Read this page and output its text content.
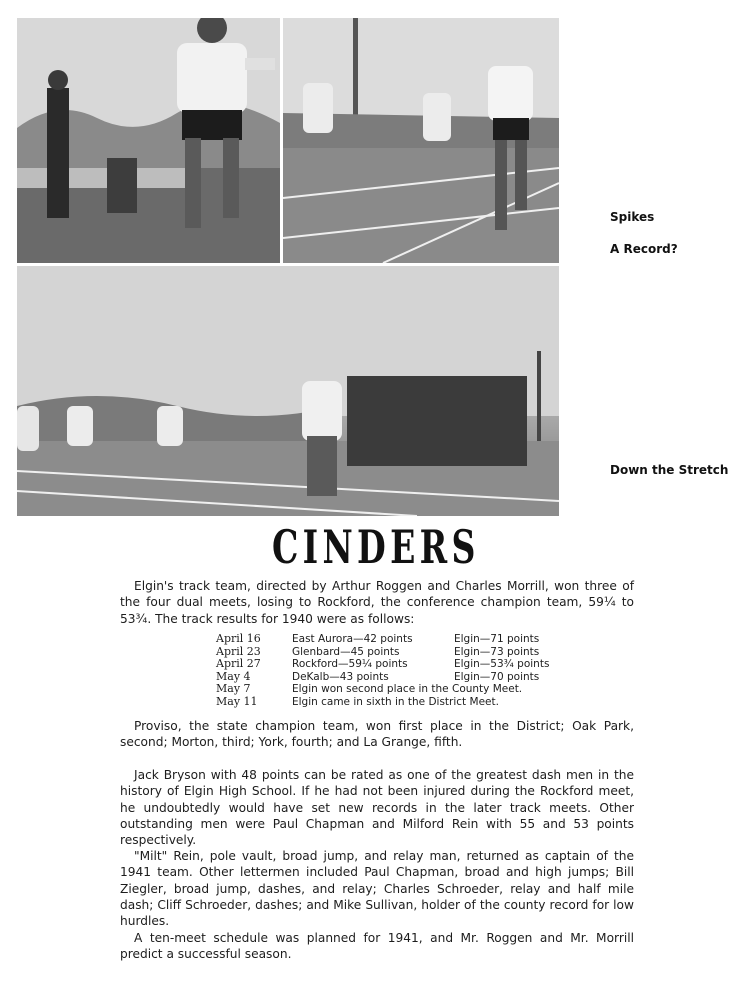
Spikes
A Record?
Down the Stretch
CINDERS

Elgin's track team, directed by Arthur Roggen and Charles Morrill, won three of the four dual meets, losing to Rockford, the conference champion team, 59¼ to 53¾. The track results for 1940 were as follows:

April 16	East Aurora—42 points	Elgin—71 points
April 23	Glenbard—45 points	Elgin—73 points
April 27	Rockford—59¼ points	Elgin—53¾ points
May 4	DeKalb—43 points	Elgin—70 points
May 7	Elgin won second place in the County Meet.
May 11	Elgin came in sixth in the District Meet.

Proviso, the state champion team, won first place in the District; Oak Park, second; Morton, third; York, fourth; and La Grange, fifth.

Jack Bryson with 48 points can be rated as one of the greatest dash men in the history of Elgin High School. If he had not been injured during the Rockford meet, he undoubtedly would have set new records in the later track meets. Other outstanding men were Paul Chapman and Milford Rein with 55 and 53 points respectively.

"Milt" Rein, pole vault, broad jump, and relay man, returned as captain of the 1941 team. Other lettermen included Paul Chapman, broad and high jumps; Bill Ziegler, broad jump, dashes, and relay; Charles Schroeder, relay and half mile dash; Cliff Schroeder, dashes; and Mike Sullivan, holder of the county record for low hurdles.

A ten-meet schedule was planned for 1941, and Mr. Roggen and Mr. Morrill predict a successful season.
